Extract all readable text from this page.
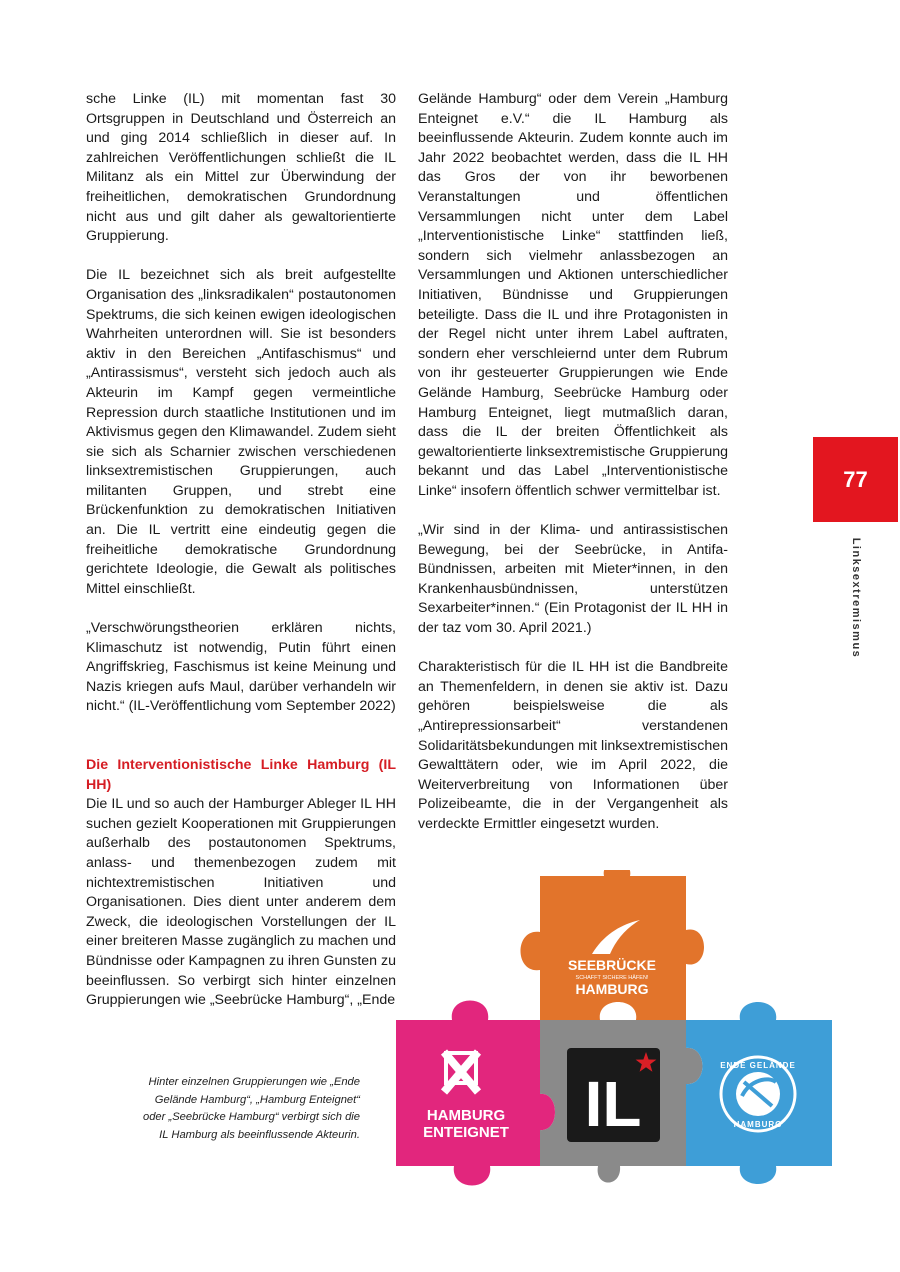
sche Linke (IL) mit momentan fast 30 Ortsgruppen in Deutschland und Österreich an und ging 2014 schließlich in dieser auf. In zahlreichen Veröffentlichungen schließt die IL Militanz als ein Mittel zur Überwindung der freiheitlichen, demokratischen Grundordnung nicht aus und gilt daher als gewaltorientierte Gruppierung.

Die IL bezeichnet sich als breit aufgestellte Organisation des „linksradikalen“ postautonomen Spektrums, die sich keinen ewigen ideologischen Wahrheiten unterordnen will. Sie ist besonders aktiv in den Bereichen „Antifaschismus“ und „Antirassismus“, versteht sich jedoch auch als Akteurin im Kampf gegen vermeintliche Repression durch staatliche Institutionen und im Aktivismus gegen den Klimawandel. Zudem sieht sie sich als Scharnier zwischen verschiedenen linksextremistischen Gruppierungen, auch militanten Gruppen, und strebt eine Brückenfunktion zu demokratischen Initiativen an. Die IL vertritt eine eindeutig gegen die freiheitliche demokratische Grundordnung gerichtete Ideologie, die Gewalt als politisches Mittel einschließt.

„Verschwörungstheorien erklären nichts, Klimaschutz ist notwendig, Putin führt einen Angriffskrieg, Faschismus ist keine Meinung und Nazis kriegen aufs Maul, darüber verhandeln wir nicht.“ (IL-Veröffentlichung vom September 2022)

Die Interventionistische Linke Hamburg (IL HH)
Die IL und so auch der Hamburger Ableger IL HH suchen gezielt Kooperationen mit Gruppierungen außerhalb des postautonomen Spektrums, anlass- und themenbezogen zudem mit nichtextremistischen Initiativen und Organisationen. Dies dient unter anderem dem Zweck, die ideologischen Vorstellungen der IL einer breiteren Masse zugänglich zu machen und Bündnisse oder Kampagnen zu ihren Gunsten zu beeinflussen. So verbirgt sich hinter einzelnen Gruppierungen wie „Seebrücke Hamburg“, „Ende

Gelände Hamburg“ oder dem Verein „Hamburg Enteignet e.V.“ die IL Hamburg als beeinflussende Akteurin. Zudem konnte auch im Jahr 2022 beobachtet werden, dass die IL HH das Gros der von ihr beworbenen Veranstaltungen und öffentlichen Versammlungen nicht unter dem Label „Interventionistische Linke“ stattfinden ließ, sondern sich vielmehr anlassbezogen an Versammlungen und Aktionen unterschiedlicher Initiativen, Bündnisse und Gruppierungen beteiligte. Dass die IL und ihre Protagonisten in der Regel nicht unter ihrem Label auftraten, sondern eher verschleiernd unter dem Rubrum von ihr gesteuerter Gruppierungen wie Ende Gelände Hamburg, Seebrücke Hamburg oder Hamburg Enteignet, liegt mutmaßlich daran, dass die IL der breiten Öffentlichkeit als gewaltorientierte linksextremistische Gruppierung bekannt und das Label „Interventionistische Linke“ insofern öffentlich schwer vermittelbar ist.

„Wir sind in der Klima- und antirassistischen Bewegung, bei der Seebrücke, in Antifa-Bündnissen, arbeiten mit Mieter*innen, in den Krankenhausbündnissen, unterstützen Sexarbeiter*innen.“ (Ein Protagonist der IL HH in der taz vom 30. April 2021.)

Charakteristisch für die IL HH ist die Bandbreite an Themenfeldern, in denen sie aktiv ist. Dazu gehören beispielsweise die als „Antirepressionsarbeit“ verstandenen Solidaritätsbekundungen mit linksextremistischen Gewalttätern oder, wie im April 2022, die Weiterverbreitung von Informationen über Polizeibeamte, die in der Vergangenheit als verdeckte Ermittler eingesetzt wurden.

77
Linksextremismus
Hinter einzelnen Gruppierungen wie „Ende
Gelände Hamburg“, „Hamburg Enteignet“
oder „Seebrücke Hamburg“ verbirgt sich die
IL Hamburg als beeinflussende Akteurin.
SEEBRÜCKE
SCHAFFT SICHERE HÄFEN!
HAMBURG
HAMBURG
ENTEIGNET IL
ENDE GELÄNDE
HAMBURG
